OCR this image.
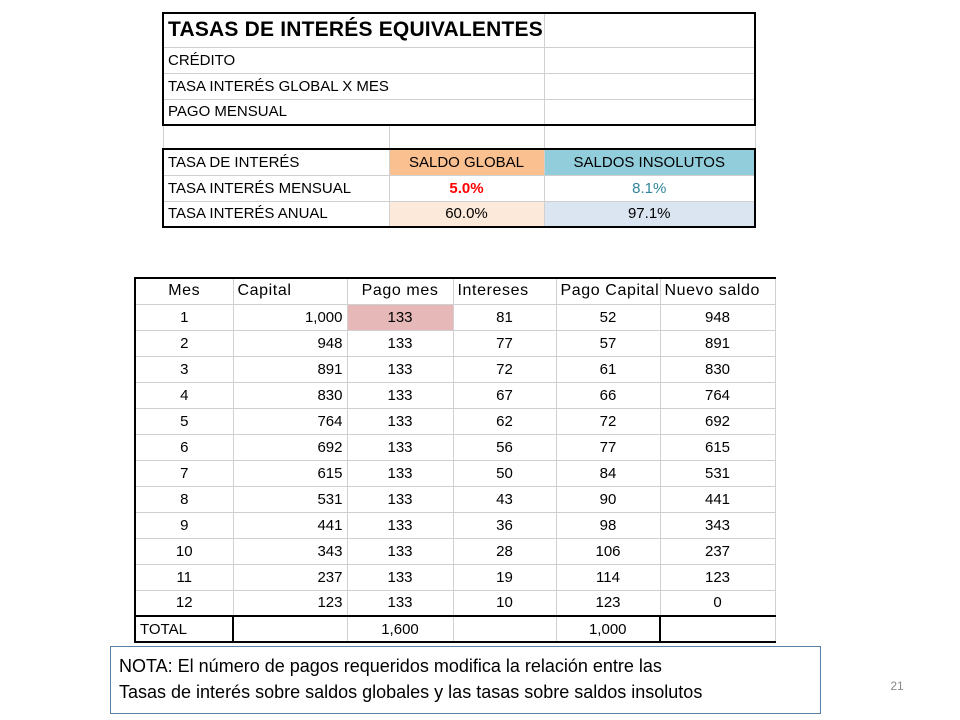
TASAS DE INTERÉS EQUIVALENTES		
CRÉDITO		
TASA INTERÉS GLOBAL X MES		
PAGO MENSUAL		

TASA DE INTERÉS	SALDO GLOBAL	SALDOS INSOLUTOS
TASA INTERÉS MENSUAL	5.0%	8.1%
TASA INTERÉS ANUAL	60.0%	97.1%
Mes	Capital	Pago mes	Intereses	Pago Capital	Nuevo saldo
1	1,000	133	81	52	948
2	948	133	77	57	891
3	891	133	72	61	830
4	830	133	67	66	764
5	764	133	62	72	692
6	692	133	56	77	615
7	615	133	50	84	531
8	531	133	43	90	441
9	441	133	36	98	343
10	343	133	28	106	237
11	237	133	19	114	123
12	123	133	10	123	0
TOTAL		1,600		1,000	
NOTA: El número de pagos requeridos modifica la relación entre las
Tasas de interés sobre saldos globales y las tasas sobre saldos insolutos	21
